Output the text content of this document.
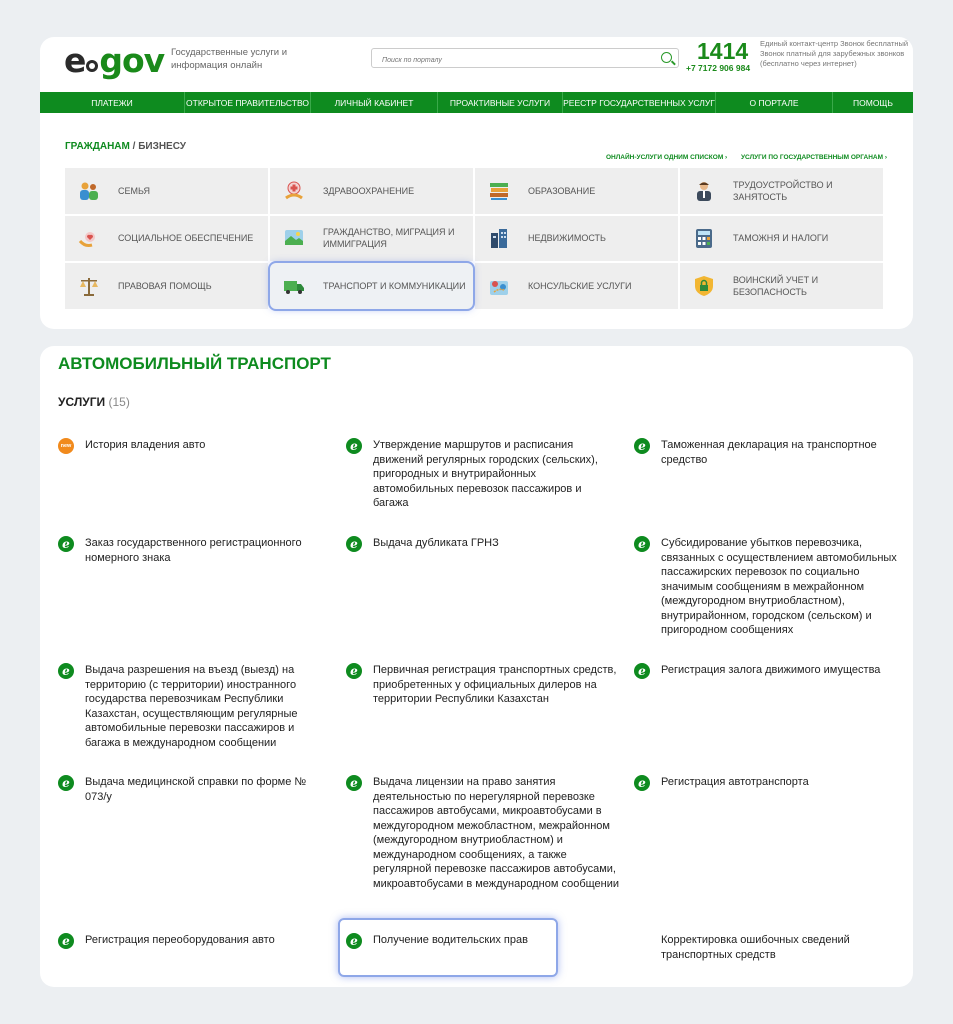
e gov Государственные услуги и информация онлайн
Поиск по порталу
1414
+7 7172 906 984
Единый контакт-центр Звонок бесплатный Звонок платный для зарубежных звонков (бесплатно через интернет)
ПЛАТЕЖИ	ОТКРЫТОЕ ПРАВИТЕЛЬСТВО	ЛИЧНЫЙ КАБИНЕТ	ПРОАКТИВНЫЕ УСЛУГИ	РЕЕСТР ГОСУДАРСТВЕННЫХ УСЛУГ	О ПОРТАЛЕ	ПОМОЩЬ
ГРАЖДАНАМ / БИЗНЕСУ
ОНЛАЙН-УСЛУГИ ОДНИМ СПИСКОМ › УСЛУГИ ПО ГОСУДАРСТВЕННЫМ ОРГАНАМ ›
СЕМЬЯ	ЗДРАВООХРАНЕНИЕ	ОБРАЗОВАНИЕ
ТРУДОУСТРОЙСТВО И ЗАНЯТОСТЬ
СОЦИАЛЬНОЕ ОБЕСПЕЧЕНИЕ
ГРАЖДАНСТВО, МИГРАЦИЯ И ИММИГРАЦИЯ
НЕДВИЖИМОСТЬ	ТАМОЖНЯ И НАЛОГИ
ПРАВОВАЯ ПОМОЩЬ	ТРАНСПОРТ И КОММУНИКАЦИИ	КОНСУЛЬСКИЕ УСЛУГИ
ВОИНСКИЙ УЧЕТ И БЕЗОПАСНОСТЬ
АВТОМОБИЛЬНЫЙ ТРАНСПОРТ
УСЛУГИ (15)
new История владения авто	e	Утверждение маршрутов и расписания движений регулярных городских (сельских), пригородных и внутрирайонных автомобильных перевозок пассажиров и багажа
e	Таможенная декларация на транспортное средство
e	Заказ государственного регистрационного номерного знака
e	Выдача дубликата ГРНЗ	e	Субсидирование убытков перевозчика, связанных с осуществлением автомобильных пассажирских перевозок по социально значимым сообщениям в межрайонном (междугородном внутриобластном), внутрирайонном, городском (сельском) и пригородном сообщениях
e	Выдача разрешения на въезд (выезд) на территорию (с территории) иностранного государства перевозчикам Республики Казахстан, осуществляющим регулярные автомобильные перевозки пассажиров и багажа в международном сообщении
e	Первичная регистрация транспортных средств, приобретенных у официальных дилеров на территории Республики Казахстан
e	Регистрация залога движимого имущества
e	Выдача медицинской справки по форме № 073/у
e	Выдача лицензии на право занятия деятельностью по нерегулярной перевозке пассажиров автобусами, микроавтобусами в междугородном межобластном, межрайонном (междугородном внутриобластном) и международном сообщениях, а также регулярной перевозке пассажиров автобусами, микроавтобусами в международном сообщении
e	Регистрация автотранспорта
e	Регистрация переоборудования авто	e	Получение водительских прав	Корректировка ошибочных сведений транспортных средств
